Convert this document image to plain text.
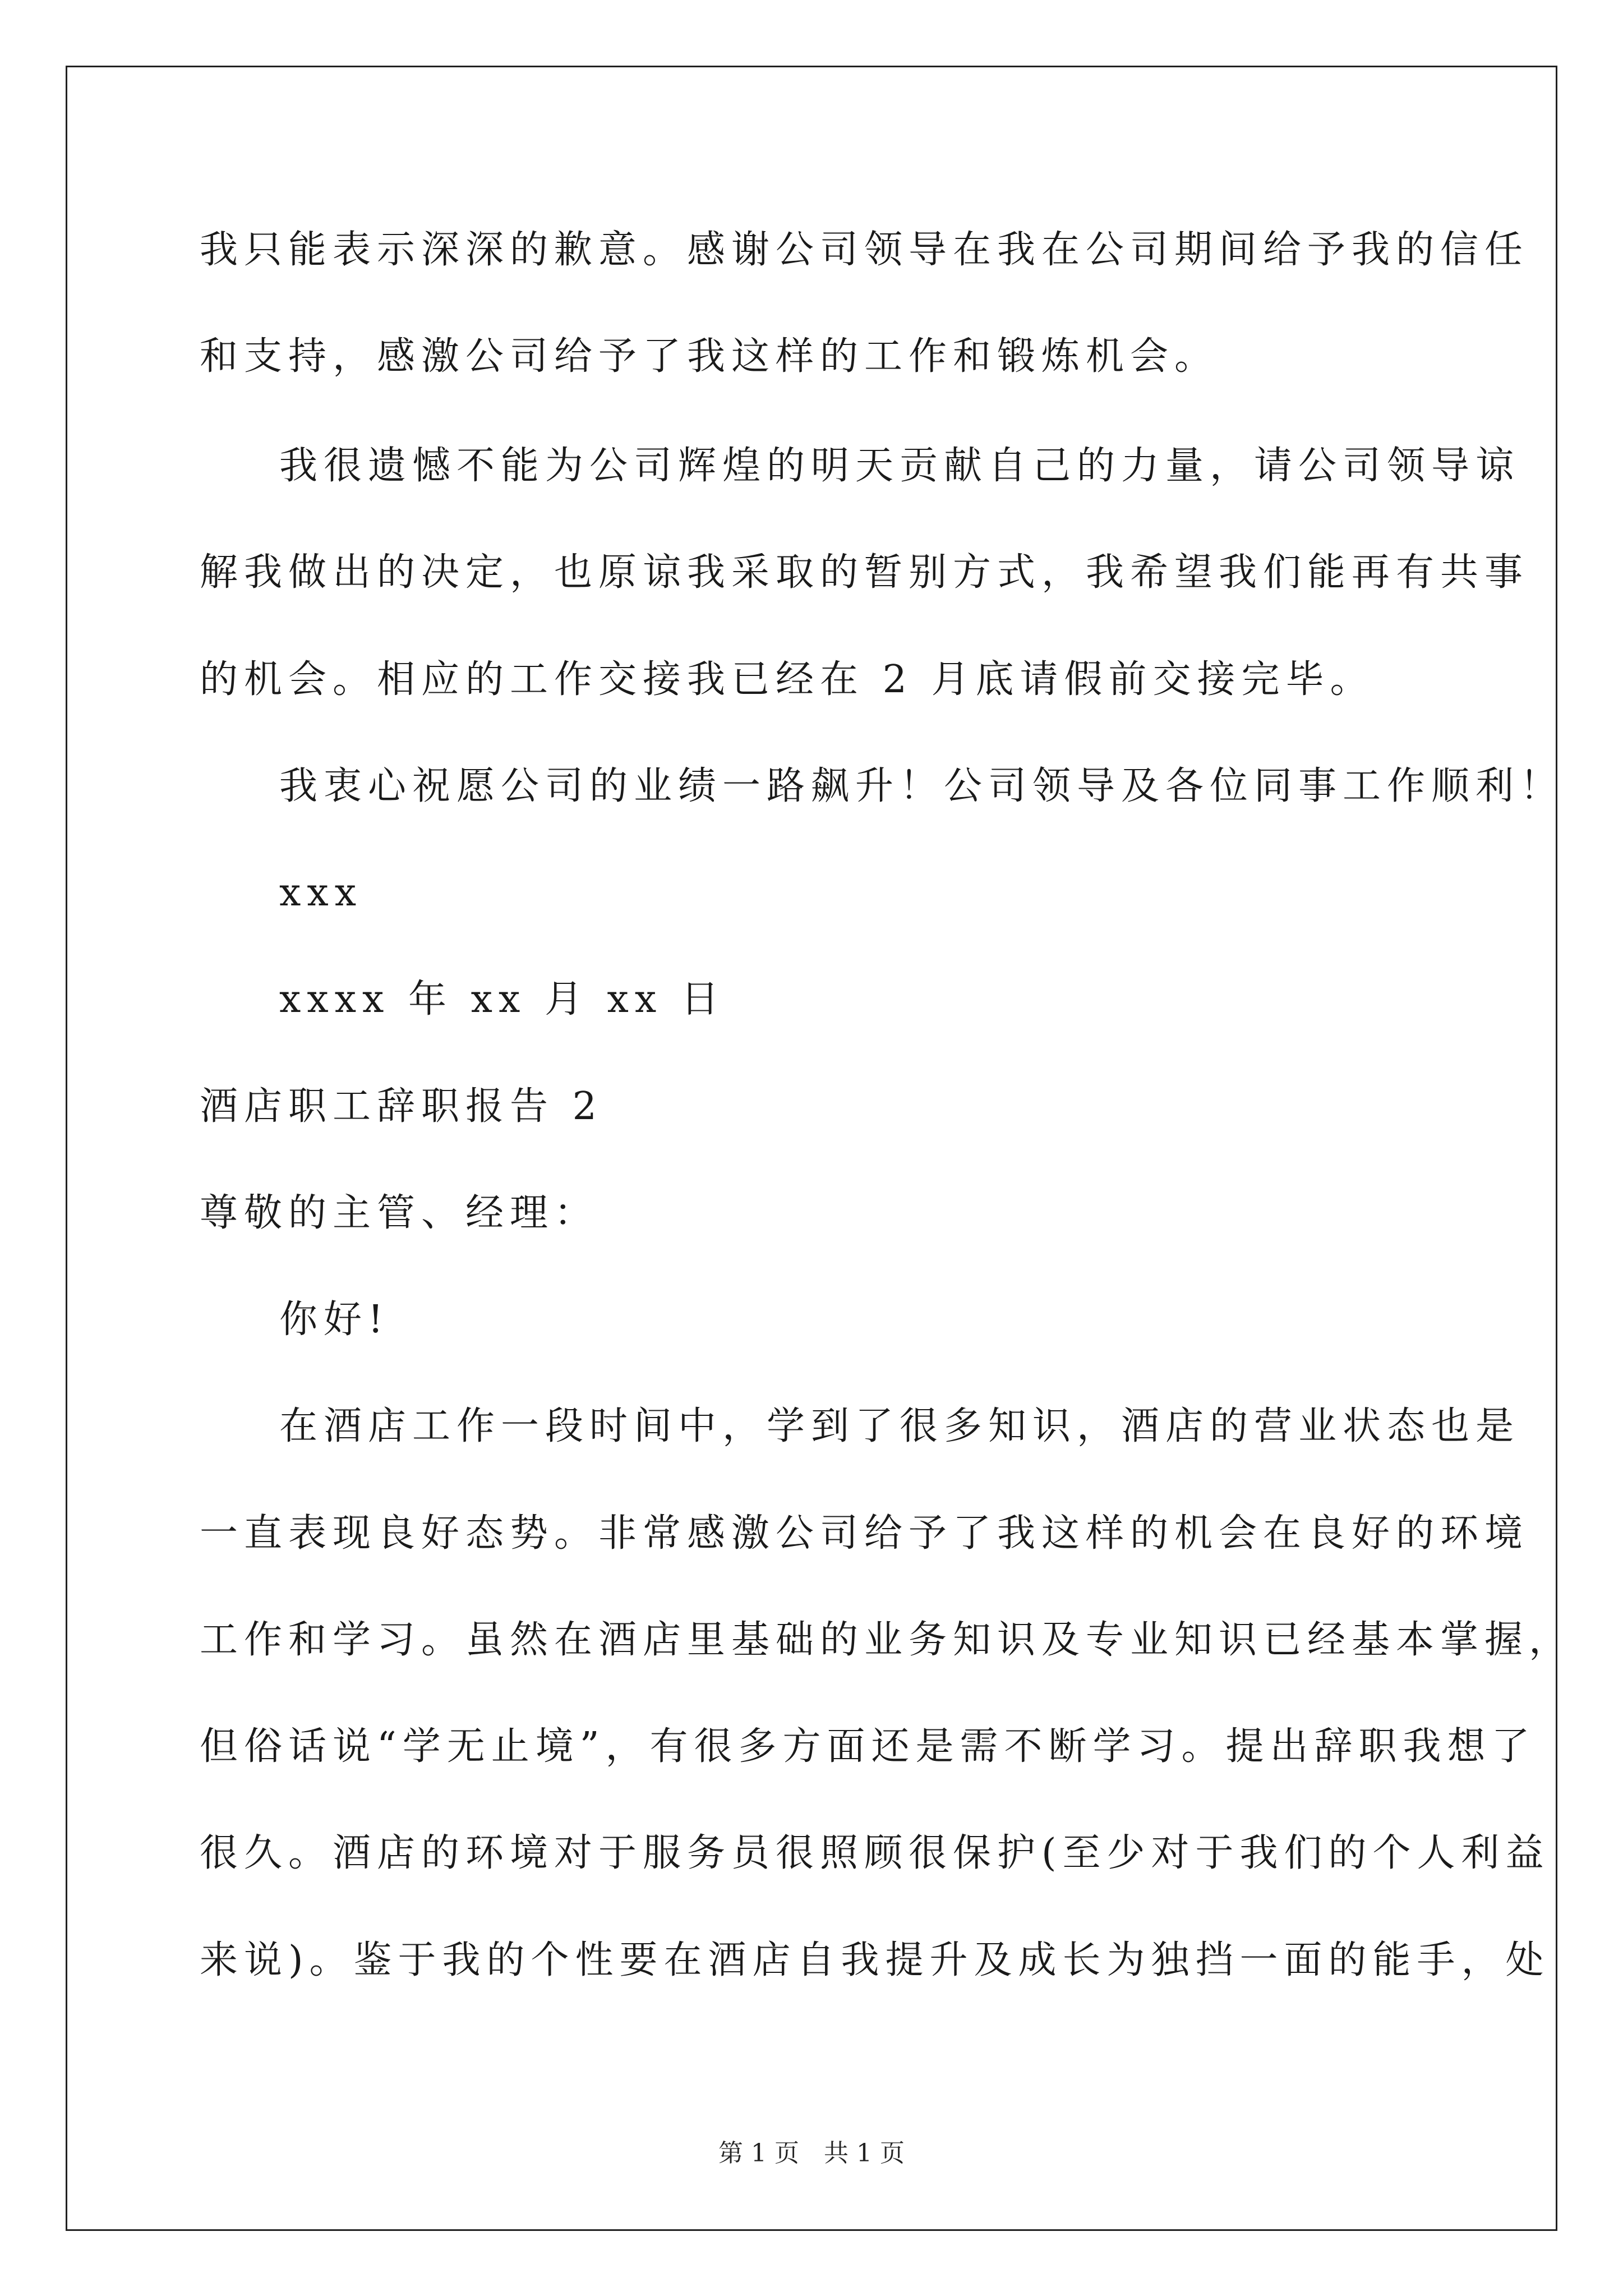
我只能表示深深的歉意。感谢公司领导在我在公司期间给予我的信任
和支持，感激公司给予了我这样的工作和锻炼机会。
我很遗憾不能为公司辉煌的明天贡献自己的力量，请公司领导谅
解我做出的决定，也原谅我采取的暂别方式，我希望我们能再有共事
的机会。相应的工作交接我已经在 2 月底请假前交接完毕。
我衷心祝愿公司的业绩一路飙升！公司领导及各位同事工作顺利！
xxx
xxxx 年 xx 月 xx 日
酒店职工辞职报告 2
尊敬的主管、经理：
你好!
在酒店工作一段时间中，学到了很多知识，酒店的营业状态也是
一直表现良好态势。非常感激公司给予了我这样的机会在良好的环境
工作和学习。虽然在酒店里基础的业务知识及专业知识已经基本掌握，
但俗话说“学无止境”，有很多方面还是需不断学习。提出辞职我想了
很久。酒店的环境对于服务员很照顾很保护(至少对于我们的个人利益
来说)。鉴于我的个性要在酒店自我提升及成长为独挡一面的能手，处
第 1 页　共 1 页
